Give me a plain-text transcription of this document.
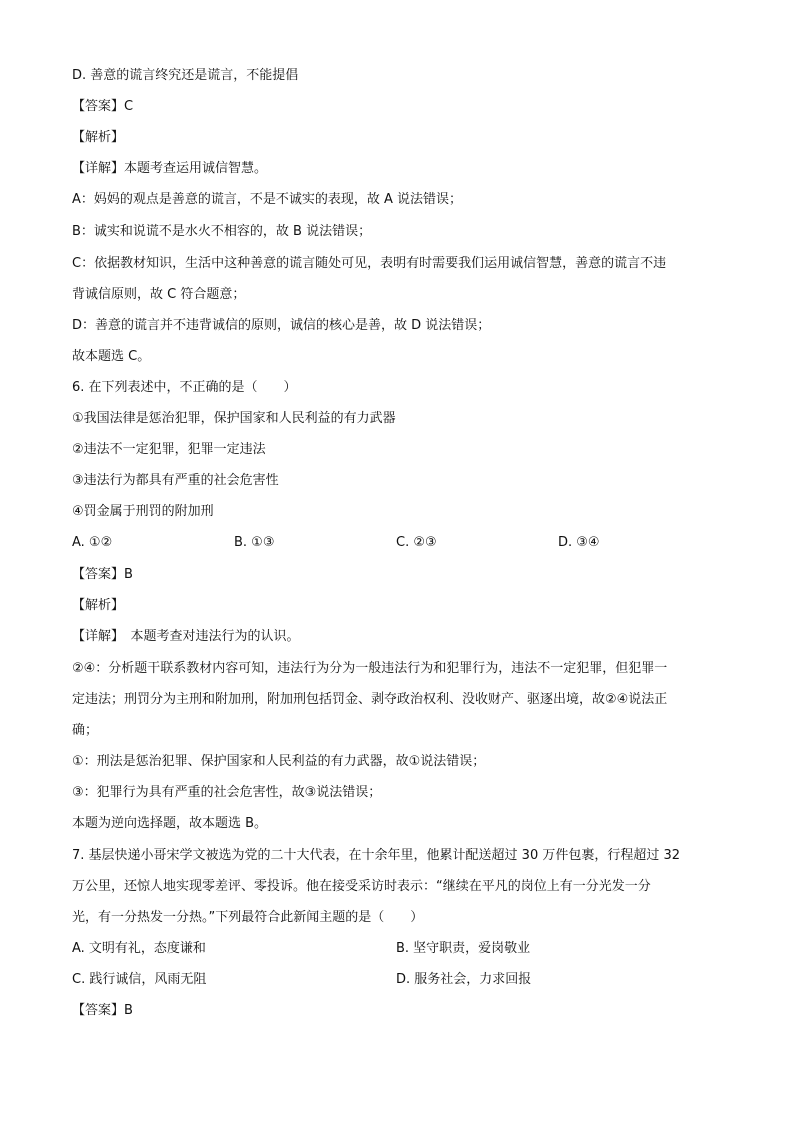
D. 善意的谎言终究还是谎言，不能提倡
【答案】C
【解析】
【详解】本题考查运用诚信智慧。
A：妈妈的观点是善意的谎言，不是不诚实的表现，故 A 说法错误；
B：诚实和说谎不是水火不相容的，故 B 说法错误；
C：依据教材知识，生活中这种善意的谎言随处可见，表明有时需要我们运用诚信智慧，善意的谎言不违
背诚信原则，故 C 符合题意；
D：善意的谎言并不违背诚信的原则，诚信的核心是善，故 D 说法错误；
故本题选 C。
6. 在下列表述中，不正确的是（　　）
①我国法律是惩治犯罪，保护国家和人民利益的有力武器
②违法不一定犯罪，犯罪一定违法
③违法行为都具有严重的社会危害性
④罚金属于刑罚的附加刑
A. ①②	B. ①③	C. ②③	D. ③④
【答案】B
【解析】
【详解】　本题考查对违法行为的认识。
②④：分析题干联系教材内容可知，违法行为分为一般违法行为和犯罪行为，违法不一定犯罪，但犯罪一
定违法；刑罚分为主刑和附加刑，附加刑包括罚金、剥夺政治权利、没收财产、驱逐出境，故②④说法正
确；
①：刑法是惩治犯罪、保护国家和人民利益的有力武器，故①说法错误；
③：犯罪行为具有严重的社会危害性，故③说法错误；
本题为逆向选择题，故本题选 B。
7. 基层快递小哥宋学文被选为党的二十大代表，在十余年里，他累计配送超过 30 万件包裹，行程超过 32
万公里，还惊人地实现零差评、零投诉。他在接受采访时表示：“继续在平凡的岗位上有一分光发一分
光，有一分热发一分热。”下列最符合此新闻主题的是（　　）
A. 文明有礼，态度谦和	B. 坚守职责，爱岗敬业
C. 践行诚信，风雨无阻	D. 服务社会，力求回报
【答案】B
